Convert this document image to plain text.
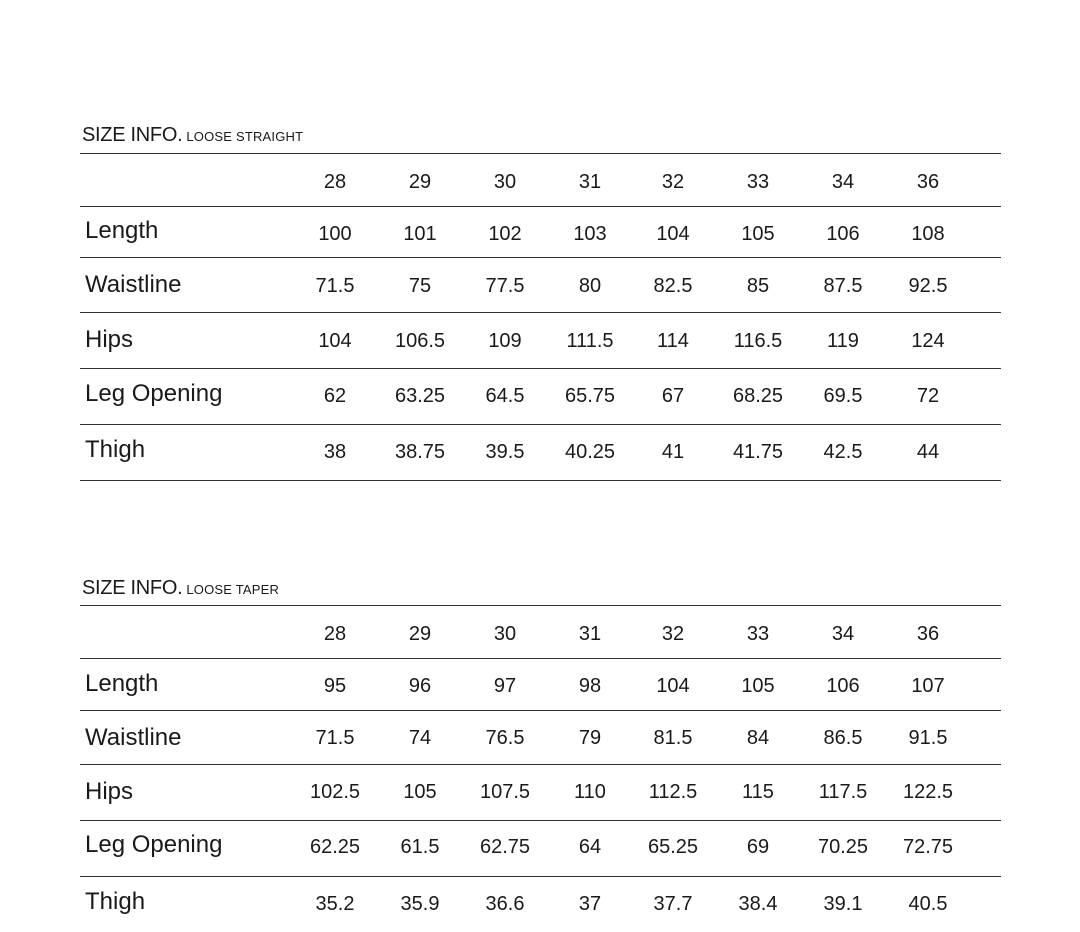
SIZE INFO. LOOSE STRAIGHT
28	29	30	31	32	33	34	36
Length	100	101	102	103	104	105	106	108
Waistline	71.5	75	77.5	80	82.5	85	87.5	92.5
Hips	104	106.5	109	111.5	114	116.5	119	124
Leg Opening	62	63.25	64.5	65.75	67	68.25	69.5	72
Thigh	38	38.75	39.5	40.25	41	41.75	42.5	44
SIZE INFO. LOOSE TAPER
28	29	30	31	32	33	34	36
Length	95	96	97	98	104	105	106	107
Waistline	71.5	74	76.5	79	81.5	84	86.5	91.5
Hips	102.5	105	107.5	110	112.5	115	117.5	122.5
Leg Opening	62.25	61.5	62.75	64	65.25	69	70.25	72.75
Thigh	35.2	35.9	36.6	37	37.7	38.4	39.1	40.5
